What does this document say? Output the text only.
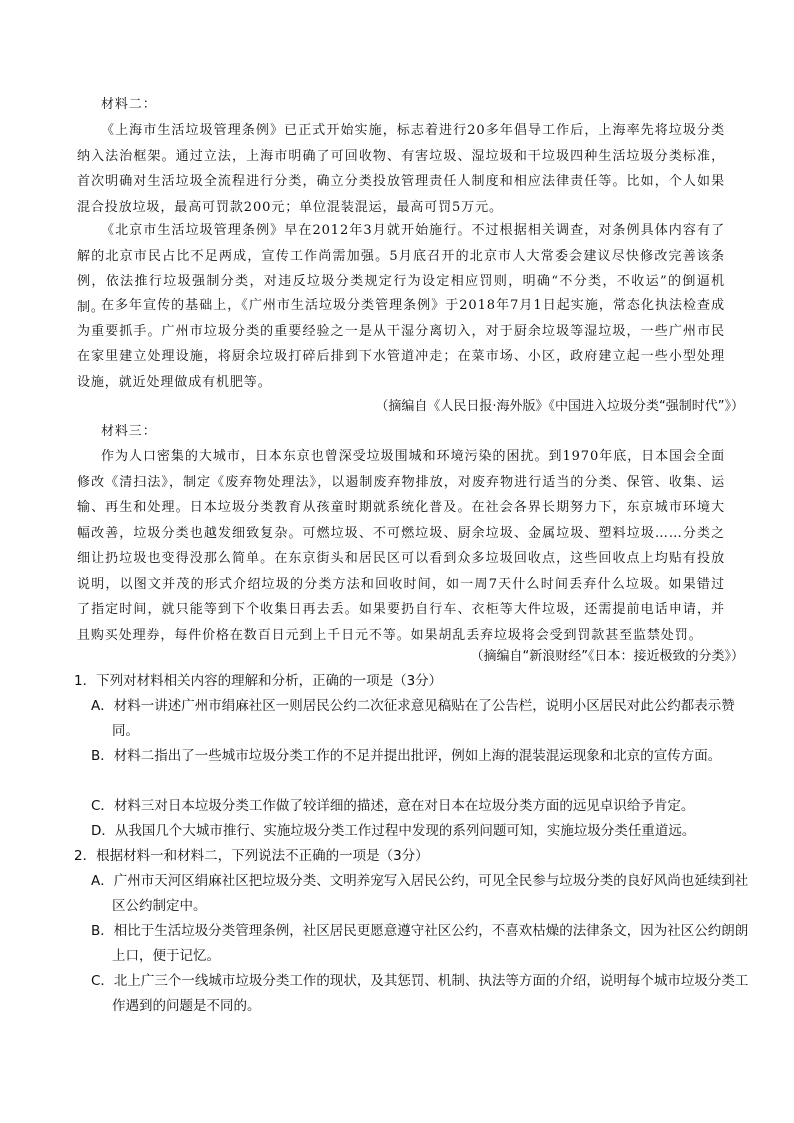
材料二：

《上海市生活垃圾管理条例》已正式开始实施，标志着进行20多年倡导工作后，上海率先将垃圾分类纳入法治框架。通过立法，上海市明确了可回收物、有害垃圾、湿垃圾和干垃圾四种生活垃圾分类标准，首次明确对生活垃圾全流程进行分类，确立分类投放管理责任人制度和相应法律责任等。比如，个人如果混合投放垃圾，最高可罚款200元；单位混装混运，最高可罚5万元。

《北京市生活垃圾管理条例》早在2012年3月就开始施行。不过根据相关调查，对条例具体内容有了解的北京市民占比不足两成，宣传工作尚需加强。5月底召开的北京市人大常委会建议尽快修改完善该条例，依法推行垃圾强制分类，对违反垃圾分类规定行为设定相应罚则，明确“不分类，不收运”的倒逼机制。

在多年宣传的基础上，《广州市生活垃圾分类管理条例》于2018年7月1日起实施，常态化执法检查成为重要抓手。广州市垃圾分类的重要经验之一是从干湿分离切入，对于厨余垃圾等湿垃圾，一些广州市民在家里建立处理设施，将厨余垃圾打碎后排到下水管道冲走；在菜市场、小区，政府建立起一些小型处理设施，就近处理做成有机肥等。

（摘编自《人民日报·海外版》《中国进入垃圾分类“强制时代”》）

材料三：

作为人口密集的大城市，日本东京也曾深受垃圾围城和环境污染的困扰。到1970年底，日本国会全面修改《清扫法》，制定《废弃物处理法》，以遏制废弃物排放，对废弃物进行适当的分类、保管、收集、运输、再生和处理。日本垃圾分类教育从孩童时期就系统化普及。在社会各界长期努力下，东京城市环境大幅改善，垃圾分类也越发细致复杂。可燃垃圾、不可燃垃圾、厨余垃圾、金属垃圾、塑料垃圾……分类之细让扔垃圾也变得没那么简单。在东京街头和居民区可以看到众多垃圾回收点，这些回收点上均贴有投放说明，以图文并茂的形式介绍垃圾的分类方法和回收时间，如一周7天什么时间丢弃什么垃圾。如果错过了指定时间，就只能等到下个收集日再去丢。如果要扔自行车、衣柜等大件垃圾，还需提前电话申请，并且购买处理券，每件价格在数百日元到上千日元不等。如果胡乱丢弃垃圾将会受到罚款甚至监禁处罚。

（摘编自“新浪财经”《日本：接近极致的分类》）

1．下列对材料相关内容的理解和分析，正确的一项是（3分）

A．材料一讲述广州市绢麻社区一则居民公约二次征求意见稿贴在了公告栏，说明小区居民对此公约都表示赞同。

B．材料二指出了一些城市垃圾分类工作的不足并提出批评，例如上海的混装混运现象和北京的宣传方面。

C．材料三对日本垃圾分类工作做了较详细的描述，意在对日本在垃圾分类方面的远见卓识给予肯定。

D．从我国几个大城市推行、实施垃圾分类工作过程中发现的系列问题可知，实施垃圾分类任重道远。

2．根据材料一和材料二，下列说法不正确的一项是（3分）

A．广州市天河区绢麻社区把垃圾分类、文明养宠写入居民公约，可见全民参与垃圾分类的良好风尚也延续到社区公约制定中。

B．相比于生活垃圾分类管理条例，社区居民更愿意遵守社区公约，不喜欢枯燥的法律条文，因为社区公约朗朗上口，便于记忆。

C．北上广三个一线城市垃圾分类工作的现状，及其惩罚、机制、执法等方面的介绍，说明每个城市垃圾分类工作遇到的问题是不同的。
